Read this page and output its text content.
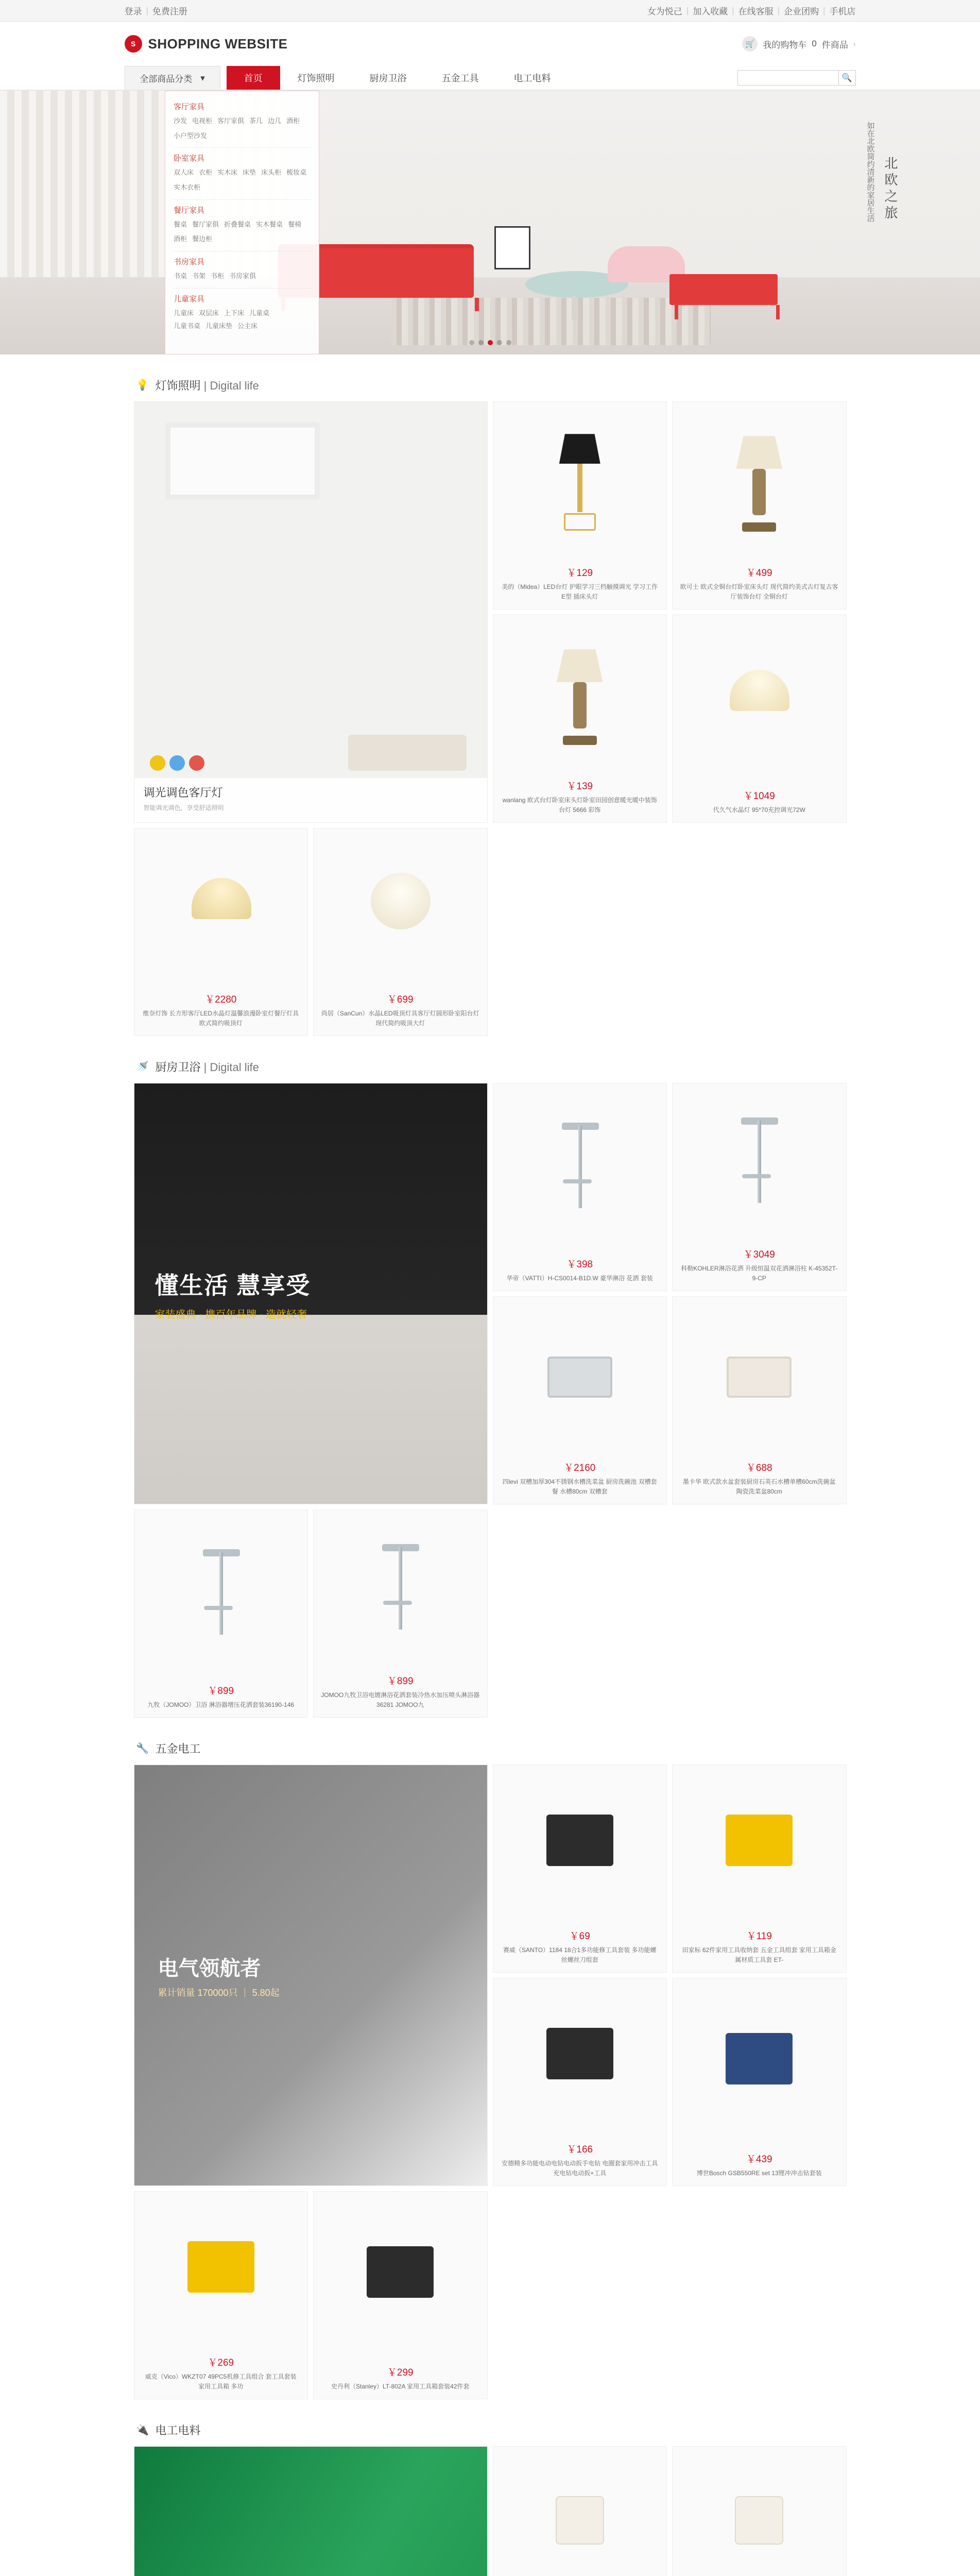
登录 | 免费注册	女为悦己 | 加入收藏 | 在线客服 | 企业团购 | 手机店
S SHOPPING WEBSITE	🛒 我的购物车 0 件商品 ›
全部商品分类 ▾	首页	灯饰照明	厨房卫浴	五金工具	电工电料	🔍
北欧之旅
如在北欧简约清新的家居生活
客厅家具
沙发 电视柜 客厅家俱 茶几 边几 酒柜
小户型沙发
卧室家具
双人床 衣柜 实木床 床垫 床头柜 梳妆桌
实木衣柜
餐厅家具
餐桌 餐厅家俱 折叠餐桌 实木餐桌 餐椅
酒柜 餐边柜
书房家具
书桌 书架 书柜 书房家俱
儿童家具
儿童床 双层床 上下床 儿童桌
儿童书桌 儿童床垫 公主床
💡 灯饰照明 | Digital life
调光调色客厅灯
智能调光调色，享受舒适照明
￥129
美的（Midea）LED台灯 护眼学习三档触摸调光 学习工作E型 插床头灯
￥499
欧可士 欧式全铜台灯卧室床头灯 现代简约美式古灯复古客厅装饰台灯 全铜台灯
￥139
wanlang 欧式台灯卧室床头灯卧室田园创意暖光暖中装饰台灯 5666 彩饰
￥1049
代久气水晶灯 95*70充控调光72W
￥2280
维奈灯饰 长方形客厅LED水晶灯温馨浪漫卧室灯餐厅灯具欧式简约吸顶灯
￥699
尚居（SanCun）水晶LED吸顶灯具客厅灯圆形卧室阳台灯现代简约吸顶大灯
🚿 厨房卫浴 | Digital life
懂生活 慧享受
家装盛典 · 携百年品牌 · 造就轻奢
￥398
华帝（VATTI）H-CS0014-B1D.W 豪华淋浴 花洒 套装
￥3049
科勒KOHLER淋浴花洒 升级恒温双花洒淋浴柱 K-45352T-9-CP
￥2160
四levi 双槽加厚304不锈钢水槽洗菜盆 厨房洗碗池 双槽套餐 水槽80cm 双槽套
￥688
墨卡华 欧式款水盆套装厨房石英石水槽单槽60cm洗碗盆陶瓷洗菜盆80cm
￥899
九牧（JOMOO）卫浴 淋浴器增压花洒套装36190-146
￥899
JOMOO九牧卫浴电镀淋浴花洒套装冷热水加压喷头淋浴器36281 JOMOO九
🔧 五金电工
电气领航者
累计销量 170000只 ｜ 5.80起
￥69
赛威（SANTO）1184 18合1多功能修工具套装 多功能螺丝螺丝刀组套
￥119
田家标 62件家用工具收纳套 五金工具组套 家用工具箱金属材质工具套 ET-
￥166
安德精多功能电动电钻电动扳手电钻 电圈套家用冲击工具 充电钻电动扳+工具
￥439
博世Bosch GSB550RE set 13锂冲冲击钻套装
￥269
威克（Vico）WKZT07 49PC5机修工具组合 套工具套装 家用工具箱 多功
￥299
史丹利（Stanley）LT-802A 家用工具箱套装42件套
🔌 电工电料
